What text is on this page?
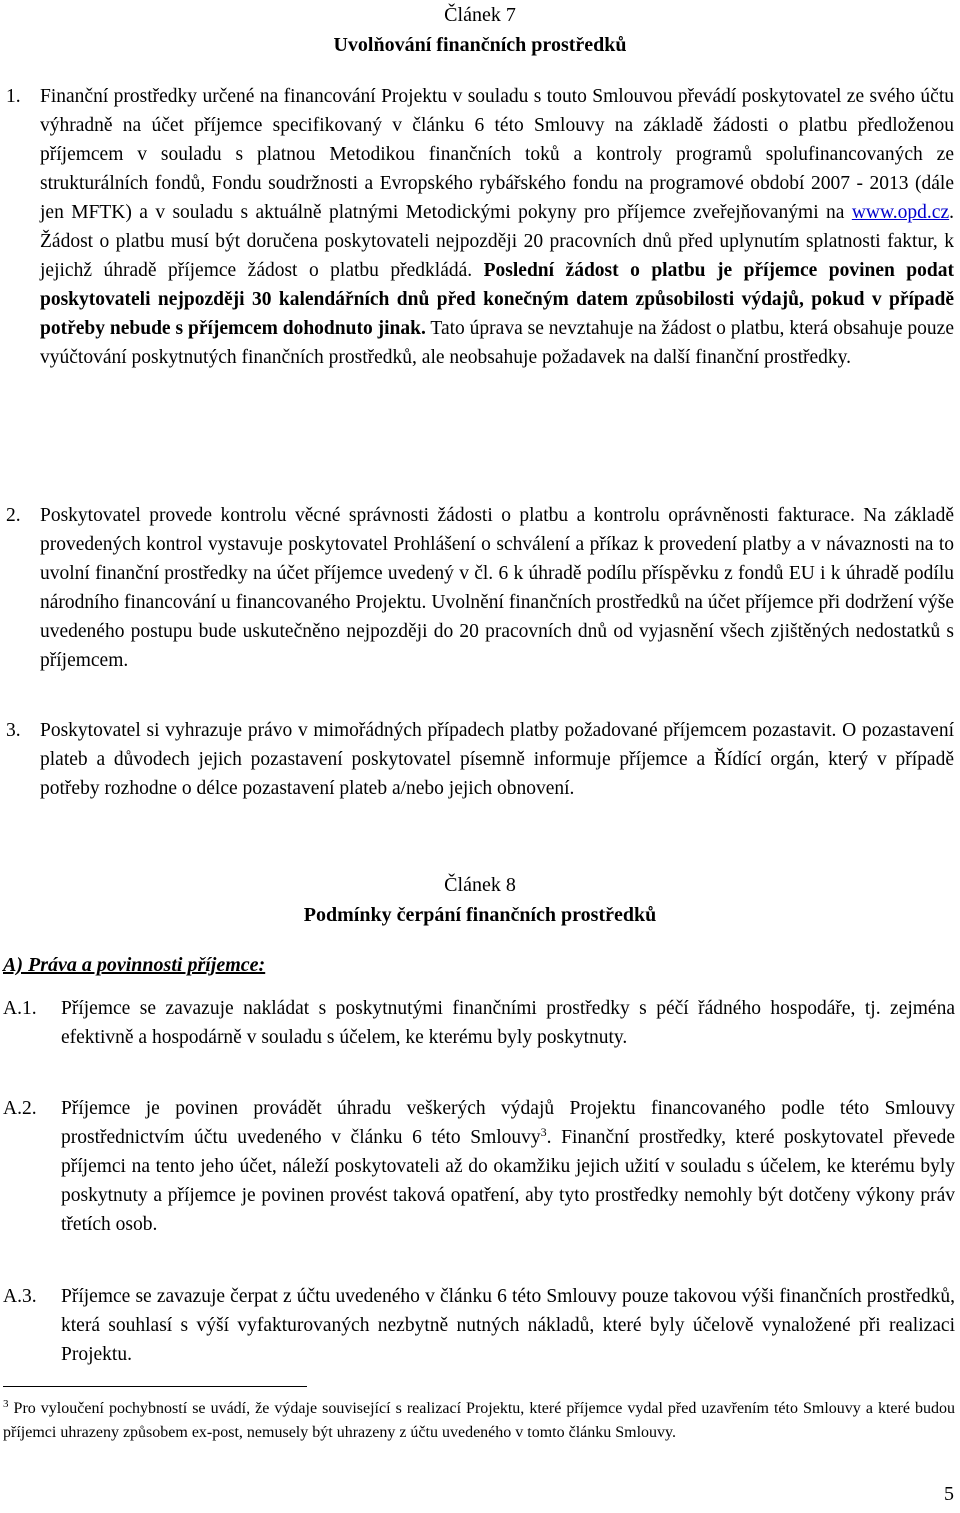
Článek 7
Uvolňování finančních prostředků
1. Finanční prostředky určené na financování Projektu v souladu s touto Smlouvou převádí poskytovatel ze svého účtu výhradně na účet příjemce specifikovaný v článku 6 této Smlouvy na základě žádosti o platbu předloženou příjemcem v souladu s platnou Metodikou finančních toků a kontroly programů spolufinancovaných ze strukturálních fondů, Fondu soudržnosti a Evropského rybářského fondu na programové období 2007 - 2013 (dále jen MFTK) a v souladu s aktuálně platnými Metodickými pokyny pro příjemce zveřejňovanými na www.opd.cz. Žádost o platbu musí být doručena poskytovateli nejpozději 20 pracovních dnů před uplynutím splatnosti faktur, k jejichž úhradě příjemce žádost o platbu předkládá. Poslední žádost o platbu je příjemce povinen podat poskytovateli nejpozději 30 kalendářních dnů před konečným datem způsobilosti výdajů, pokud v případě potřeby nebude s příjemcem dohodnuto jinak. Tato úprava se nevztahuje na žádost o platbu, která obsahuje pouze vyúčtování poskytnutých finančních prostředků, ale neobsahuje požadavek na další finanční prostředky.
2. Poskytovatel provede kontrolu věcné správnosti žádosti o platbu a kontrolu oprávněnosti fakturace. Na základě provedených kontrol vystavuje poskytovatel Prohlášení o schválení a příkaz k provedení platby a v návaznosti na to uvolní finanční prostředky na účet příjemce uvedený v čl. 6 k úhradě podílu příspěvku z fondů EU i k úhradě podílu národního financování u financovaného Projektu. Uvolnění finančních prostředků na účet příjemce při dodržení výše uvedeného postupu bude uskutečněno nejpozději do 20 pracovních dnů od vyjasnění všech zjištěných nedostatků s příjemcem.
3. Poskytovatel si vyhrazuje právo v mimořádných případech platby požadované příjemcem pozastavit. O pozastavení plateb a důvodech jejich pozastavení poskytovatel písemně informuje příjemce a Řídící orgán, který v případě potřeby rozhodne o délce pozastavení plateb a/nebo jejich obnovení.
Článek 8
Podmínky čerpání finančních prostředků
A) Práva a povinnosti příjemce:
A.1. Příjemce se zavazuje nakládat s poskytnutými finančními prostředky s péčí řádného hospodáře, tj. zejména efektivně a hospodárně v souladu s účelem, ke kterému byly poskytnuty.
A.2. Příjemce je povinen provádět úhradu veškerých výdajů Projektu financovaného podle této Smlouvy prostřednictvím účtu uvedeného v článku 6 této Smlouvy$^3$. Finanční prostředky, které poskytovatel převede příjemci na tento jeho účet, náleží poskytovateli až do okamžiku jejich užití v souladu s účelem, ke kterému byly poskytnuty a příjemce je povinen provést taková opatření, aby tyto prostředky nemohly být dotčeny výkony práv třetích osob.
A.3. Příjemce se zavazuje čerpat z účtu uvedeného v článku 6 této Smlouvy pouze takovou výši finančních prostředků, která souhlasí s výší vyfakturovaných nezbytně nutných nákladů, které byly účelově vynaložené při realizaci Projektu.
$^3$ Pro vyloučení pochybností se uvádí, že výdaje související s realizací Projektu, které příjemce vydal před uzavřením této Smlouvy a které budou příjemci uhrazeny způsobem ex-post, nemusely být uhrazeny z účtu uvedeného v tomto článku Smlouvy.
5
